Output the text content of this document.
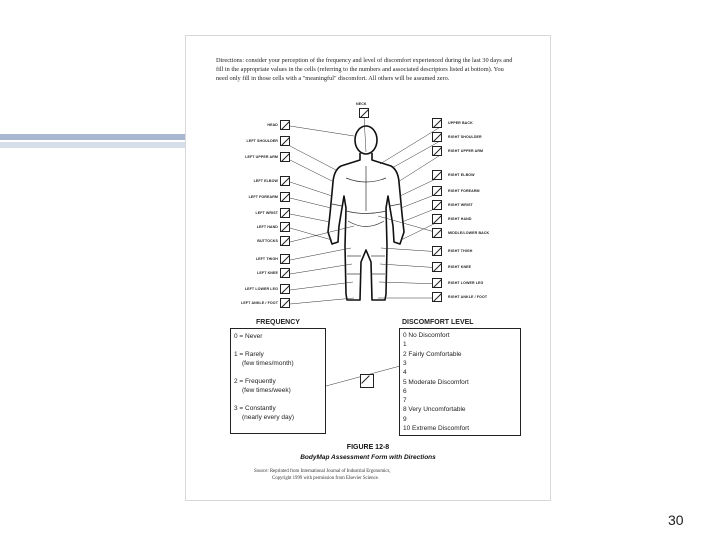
Directions: consider your perception of the frequency and level of discomfort experienced during the last 30 days and fill in the appropriate values in the cells (referring to the numbers and associated descriptors listed at bottom). You need only fill in those cells with a "meaningful" discomfort. All others will be assumed zero.
NECK
FREQUENCY
0 = Never
1 = Rarely
(few times/month)
2 = Frequently
(few times/week)
3 = Constantly
(nearly every day)
DISCOMFORT LEVEL
0 No Discomfort
1
2 Fairly Comfortable
3
4
5 Moderate Discomfort
6
7
8 Very Uncomfortable
9
10 Extreme Discomfort
FIGURE 12-8
BodyMap Assessment Form with Directions
Source: Reprinted from International Journal of Industrial Ergonomics,
Copyright 1999 with permission from Elsevier Science.
HEAD
LEFT SHOULDER
LEFT UPPER ARM
LEFT ELBOW
LEFT FOREARM
LEFT WRIST
LEFT HAND
BUTTOCKS
LEFT THIGH
LEFT KNEE
LEFT LOWER LEG
LEFT ANKLE / FOOT
UPPER BACK
RIGHT SHOULDER
RIGHT UPPER ARM
RIGHT ELBOW
RIGHT FOREARM
RIGHT WRIST
RIGHT HAND
MIDDLE/LOWER BACK
RIGHT THIGH
RIGHT KNEE
RIGHT LOWER LEG
RIGHT ANKLE / FOOT
30
